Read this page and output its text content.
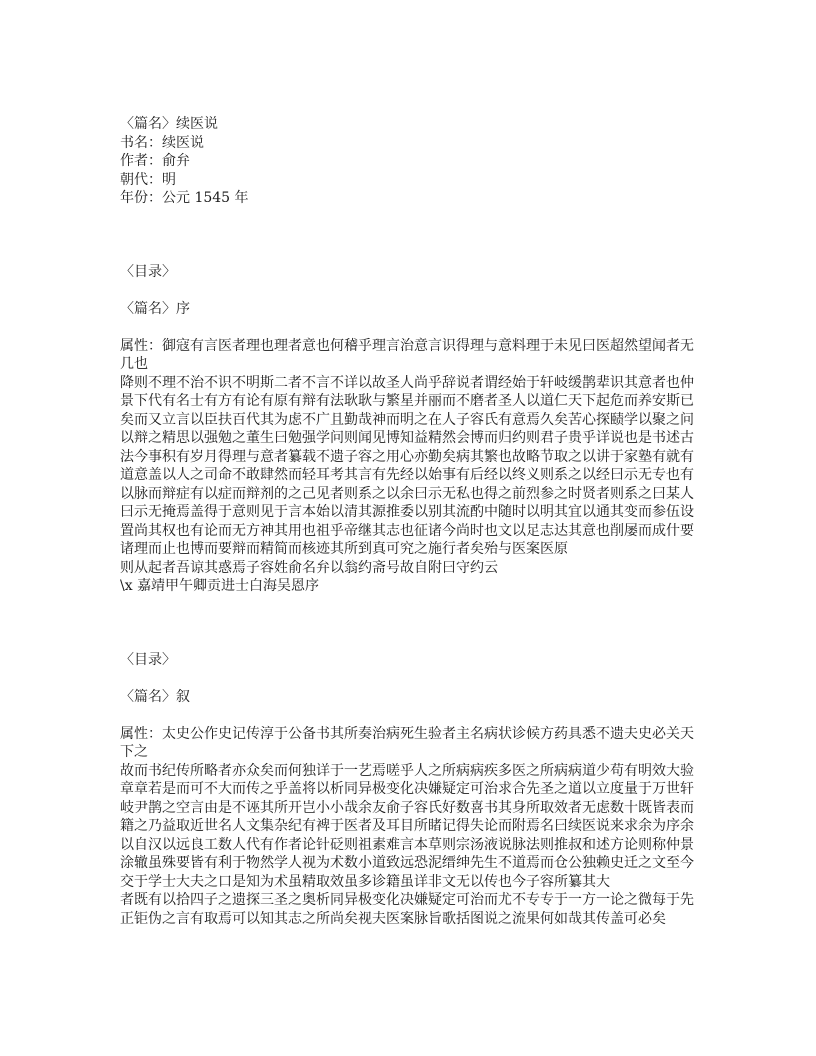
〈篇名〉续医说
书名：续医说
作者：俞弁
朝代：明
年份：公元 1545 年
〈目录〉
〈篇名〉序
属性：御寇有言医者理也理者意也何稽乎理言治意言识得理与意料理于未见曰医超然望闻者无几也
降则不理不治不识不明斯二者不言不详以故圣人尚乎辞说者谓经始于轩岐缓鹊辈识其意者也仲景下代有名士有方有论有原有辩有法耿耿与繁星并丽而不磨者圣人以道仁天下起危而养安斯已矣而又立言以臣扶百代其为虑不广且勤哉神而明之在人子容氏有意焉久矣苦心探赜学以聚之问以辩之精思以强勉之董生曰勉强学问则闻见博知益精然会博而归约则君子贵乎详说也是书述古法今事积有岁月得理与意者纂载不遗子容之用心亦勤矣病其繁也故略节取之以讲于家塾有就有道意盖以人之司命不敢肆然而轻耳考其言有先经以始事有后经以终义则系之以经曰示无专也有以脉而辩症有以症而辩剂的之己见者则系之以余曰示无私也得之前烈参之时贤者则系之曰某人曰示无掩焉盖得于意则见于言本始以清其源推委以别其流酌中随时以明其宜以通其变而参伍设置尚其权也有论而无方神其用也祖乎帝继其志也征诸今尚时也文以足志达其意也削屡而成什要诸理而止也博而要辩而精简而核迹其所到真可究之施行者矣殆与医案医原
则从起者吾谅其惑焉子容姓俞名弁以翁约斋号故自附曰守约云
\x 嘉靖甲午卿贡进士白海吴恩序
〈目录〉
〈篇名〉叙
属性：太史公作史记传淳于公备书其所奏治病死生验者主名病状诊候方药具悉不遗夫史必关天下之
故而书纪传所略者亦众矣而何独详于一艺焉嗟乎人之所病病疾多医之所病病道少苟有明效大验章章若是而可不大而传之乎盖将以析同异极变化决嫌疑定可治求合先圣之道以立度量于万世轩岐尹鹊之空言由是不诬其所开岂小小哉余友俞子容氏好数喜书其身所取效者无虑数十既皆表而籍之乃益取近世名人文集杂纪有裨于医者及耳目所睹记得失论而附焉名曰续医说来求余为序余以自汉以远良工数人代有作者论针砭则祖素难言本草则宗汤液说脉法则推叔和述方论则称仲景涂辙虽殊要皆有利于物然学人视为术数小道致远恐泥缙绅先生不道焉而仓公独赖史迁之文至今交于学士大夫之口是知为术虽精取效虽多诊籍虽详非文无以传也今子容所纂其大
者既有以拾四子之遗探三圣之奥析同异极变化决嫌疑定可治而尤不专专于一方一论之微每于先正钜伪之言有取焉可以知其志之所尚矣视夫医案脉旨歌括图说之流果何如哉其传盖可必矣
